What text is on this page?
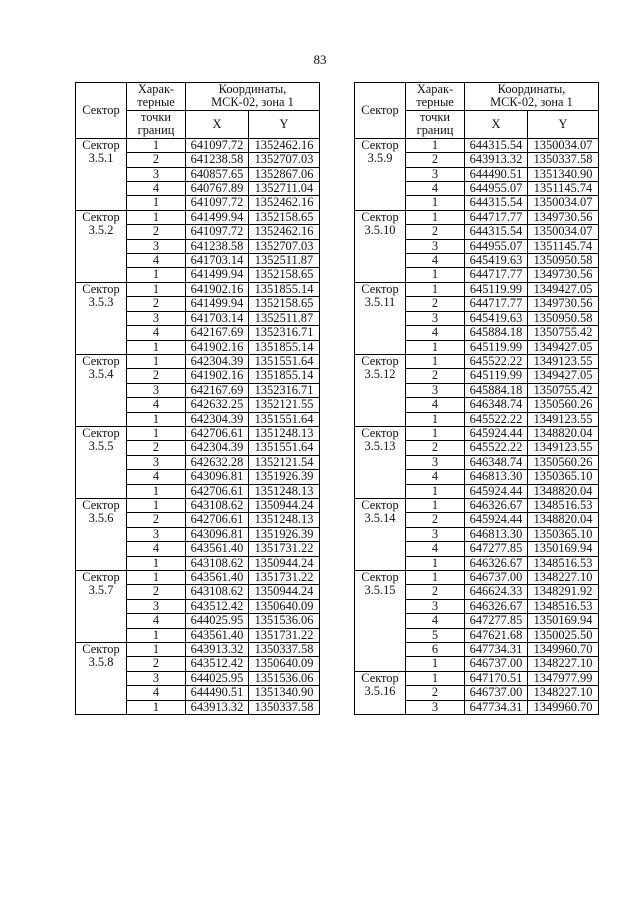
83
Сектор	Харак-
терные	Координаты,
МСК-02, зона 1	

	точки
границ	X	Y

Сектор
3.5.1	1	641097.72	1352462.16
	2	641238.58	1352707.03
	3	640857.65	1352867.06
	4	640767.89	1352711.04
	1	641097.72	1352462.16

Сектор
3.5.2	1	641499.94	1352158.65
	2	641097.72	1352462.16
	3	641238.58	1352707.03
	4	641703.14	1352511.87
	1	641499.94	1352158.65

Сектор
3.5.3	1	641902.16	1351855.14
	2	641499.94	1352158.65
	3	641703.14	1352511.87
	4	642167.69	1352316.71
	1	641902.16	1351855.14

Сектор
3.5.4	1	642304.39	1351551.64
	2	641902.16	1351855.14
	3	642167.69	1352316.71
	4	642632.25	1352121.55
	1	642304.39	1351551.64

Сектор
3.5.5	1	642706.61	1351248.13
	2	642304.39	1351551.64
	3	642632.28	1352121.54
	4	643096.81	1351926.39
	1	642706.61	1351248.13

Сектор
3.5.6	1	643108.62	1350944.24
	2	642706.61	1351248.13
	3	643096.81	1351926.39
	4	643561.40	1351731.22
	1	643108.62	1350944.24

Сектор
3.5.7	1	643561.40	1351731.22
	2	643108.62	1350944.24
	3	643512.42	1350640.09
	4	644025.95	1351536.06
	1	643561.40	1351731.22

Сектор
3.5.8	1	643913.32	1350337.58
	2	643512.42	1350640.09
	3	644025.95	1351536.06
	4	644490.51	1351340.90
	1	643913.32	1350337.58
Сектор	Харак-
терные	Координаты,
МСК-02, зона 1	

	точки
границ	X	Y

Сектор
3.5.9	1	644315.54	1350034.07
	2	643913.32	1350337.58
	3	644490.51	1351340.90
	4	644955.07	1351145.74
	1	644315.54	1350034.07

Сектор
3.5.10	1	644717.77	1349730.56
	2	644315.54	1350034.07
	3	644955.07	1351145.74
	4	645419.63	1350950.58
	1	644717.77	1349730.56

Сектор
3.5.11	1	645119.99	1349427.05
	2	644717.77	1349730.56
	3	645419.63	1350950.58
	4	645884.18	1350755.42
	1	645119.99	1349427.05

Сектор
3.5.12	1	645522.22	1349123.55
	2	645119.99	1349427.05
	3	645884.18	1350755.42
	4	646348.74	1350560.26
	1	645522.22	1349123.55

Сектор
3.5.13	1	645924.44	1348820.04
	2	645522.22	1349123.55
	3	646348.74	1350560.26
	4	646813.30	1350365.10
	1	645924.44	1348820.04

Сектор
3.5.14	1	646326.67	1348516.53
	2	645924.44	1348820.04
	3	646813.30	1350365.10
	4	647277.85	1350169.94
	1	646326.67	1348516.53

Сектор
3.5.15	1	646737.00	1348227.10
	2	646624.33	1348291.92
	3	646326.67	1348516.53
	4	647277.85	1350169.94
	5	647621.68	1350025.50
	6	647734.31	1349960.70
	1	646737.00	1348227.10

Сектор
3.5.16	1	647170.51	1347977.99
	2	646737.00	1348227.10
	3	647734.31	1349960.70
